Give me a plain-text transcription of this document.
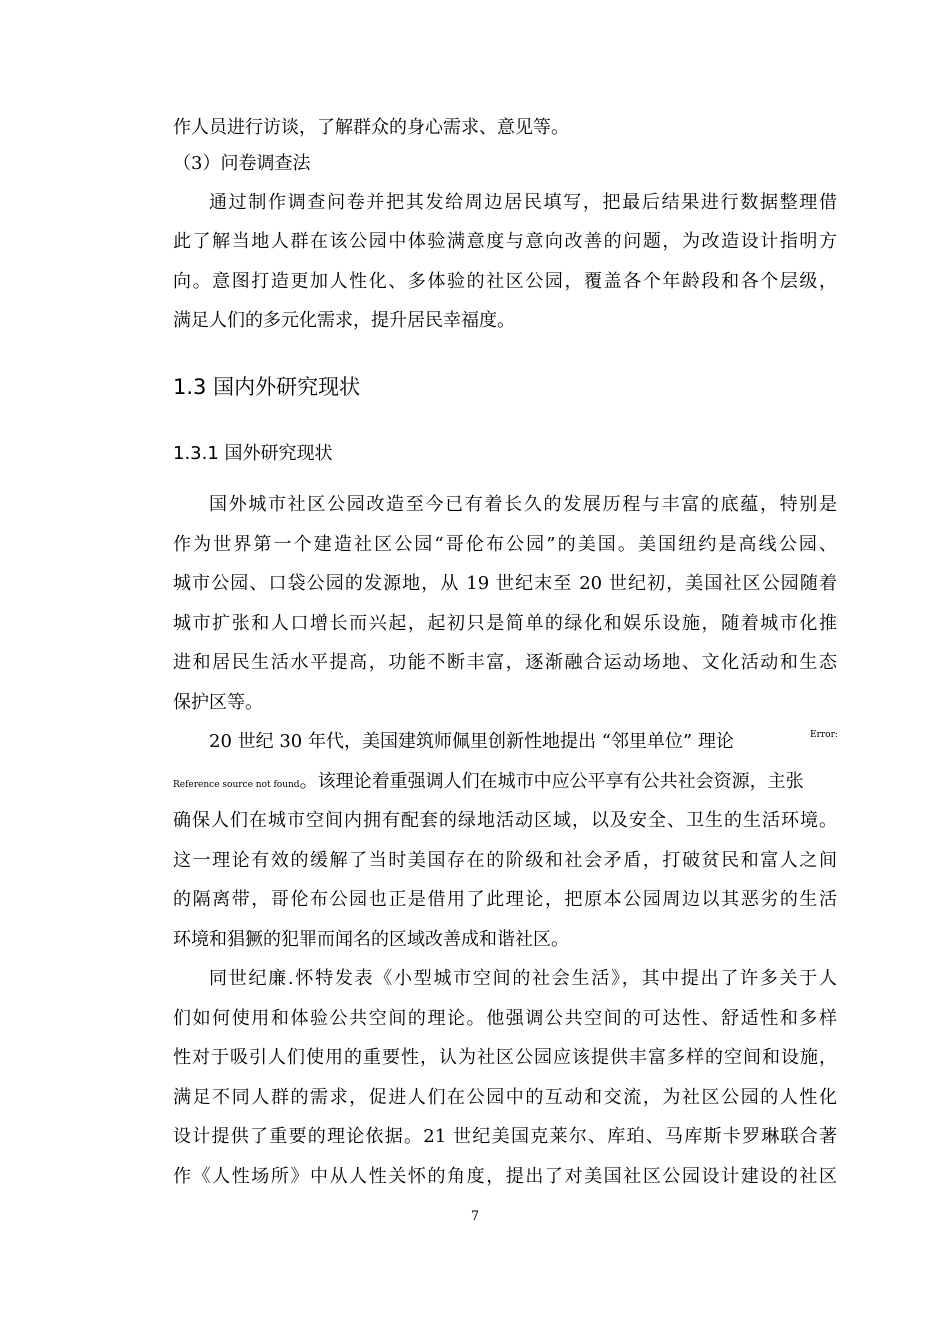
作人员进行访谈，了解群众的身心需求、意见等。
（3）问卷调查法
通过制作调查问卷并把其发给周边居民填写，把最后结果进行数据整理借
此了解当地人群在该公园中体验满意度与意向改善的问题，为改造设计指明方
向。意图打造更加人性化、多体验的社区公园，覆盖各个年龄段和各个层级，
满足人们的多元化需求，提升居民幸福度。
1.3 国内外研究现状
1.3.1 国外研究现状
国外城市社区公园改造至今已有着长久的发展历程与丰富的底蕴，特别是
作为世界第一个建造社区公园“哥伦布公园”的美国。美国纽约是高线公园、
城市公园、口袋公园的发源地，从 19 世纪末至 20 世纪初，美国社区公园随着
城市扩张和人口增长而兴起，起初只是简单的绿化和娱乐设施，随着城市化推
进和居民生活水平提高，功能不断丰富，逐渐融合运动场地、文化活动和生态
保护区等。
20 世纪 30 年代，美国建筑师佩里创新性地提出 “邻里单位” 理论	Error:
Reference source not found。该理论着重强调人们在城市中应公平享有公共社会资源，主张
确保人们在城市空间内拥有配套的绿地活动区域，以及安全、卫生的生活环境。
这一理论有效的缓解了当时美国存在的阶级和社会矛盾，打破贫民和富人之间
的隔离带，哥伦布公园也正是借用了此理论，把原本公园周边以其恶劣的生活
环境和猖獗的犯罪而闻名的区域改善成和谐社区。
同世纪廉.怀特发表《小型城市空间的社会生活》，其中提出了许多关于人
们如何使用和体验公共空间的理论。他强调公共空间的可达性、舒适性和多样
性对于吸引人们使用的重要性，认为社区公园应该提供丰富多样的空间和设施，
满足不同人群的需求，促进人们在公园中的互动和交流，为社区公园的人性化
设计提供了重要的理论依据。21 世纪美国克莱尔、库珀、马库斯卡罗琳联合著
作《人性场所》中从人性关怀的角度，提出了对美国社区公园设计建设的社区
7
